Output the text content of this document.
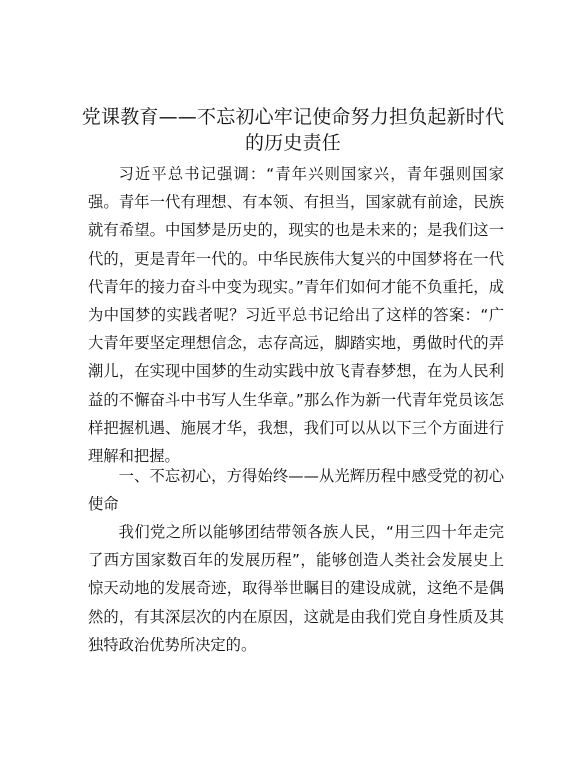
党课教育——不忘初心牢记使命努力担负起新时代的历史责任

习近平总书记强调：“青年兴则国家兴，青年强则国家强。青年一代有理想、有本领、有担当，国家就有前途，民族就有希望。中国梦是历史的，现实的也是未来的；是我们这一代的，更是青年一代的。中华民族伟大复兴的中国梦将在一代代青年的接力奋斗中变为现实。”青年们如何才能不负重托，成为中国梦的实践者呢？习近平总书记给出了这样的答案：“广大青年要坚定理想信念，志存高远，脚踏实地，勇做时代的弄潮儿，在实现中国梦的生动实践中放飞青春梦想，在为人民利益的不懈奋斗中书写人生华章。”那么作为新一代青年党员该怎样把握机遇、施展才华，我想，我们可以从以下三个方面进行理解和把握。

一、不忘初心，方得始终——从光辉历程中感受党的初心使命

我们党之所以能够团结带领各族人民，“用三四十年走完了西方国家数百年的发展历程”，能够创造人类社会发展史上惊天动地的发展奇迹，取得举世瞩目的建设成就，这绝不是偶然的，有其深层次的内在原因，这就是由我们党自身性质及其独特政治优势所决定的。
